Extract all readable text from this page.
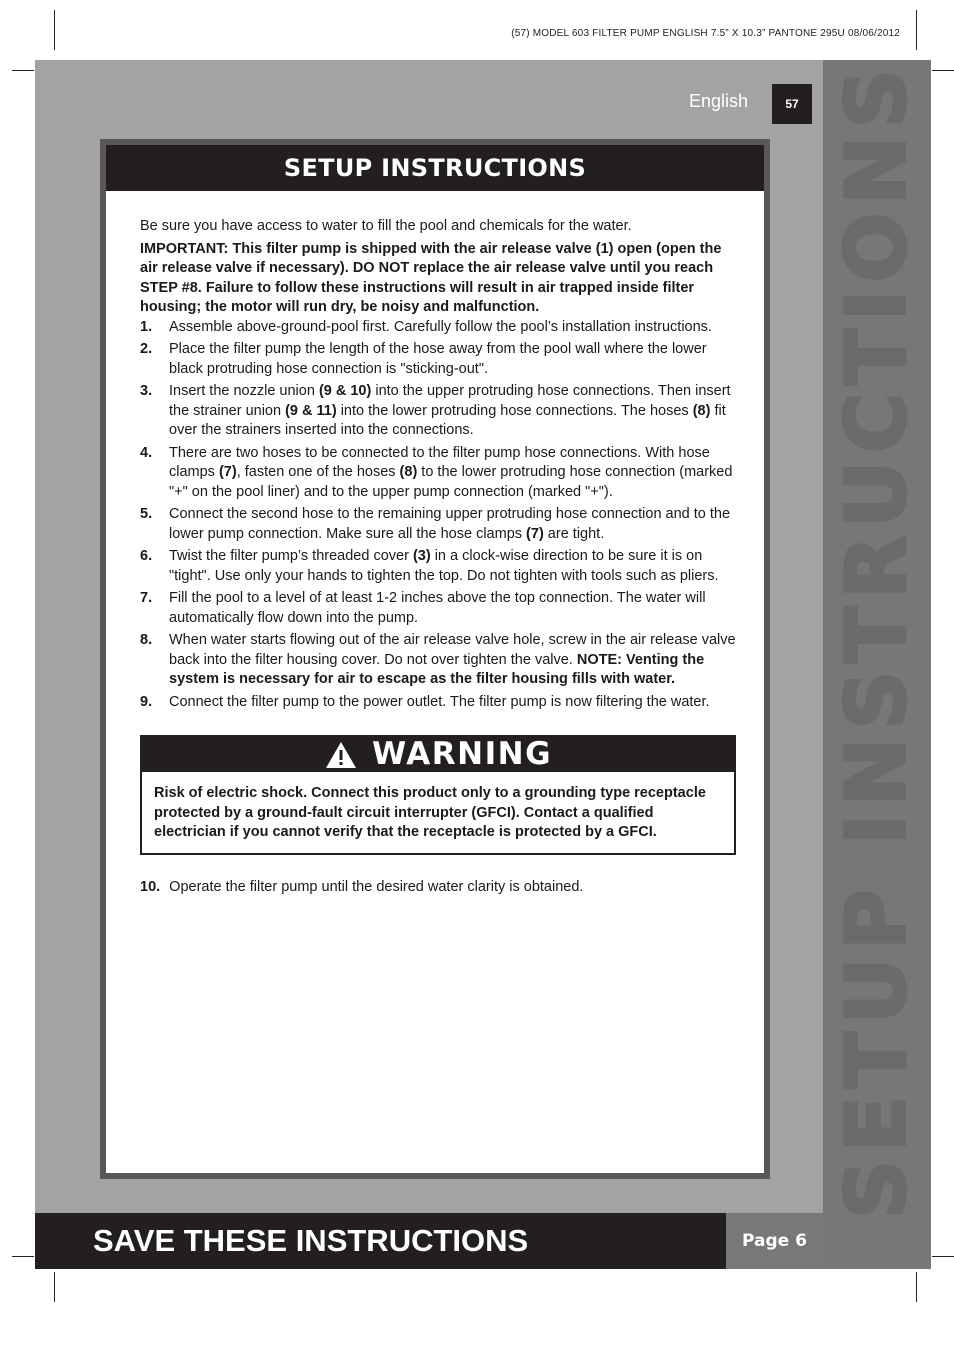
(57) MODEL 603 FILTER PUMP ENGLISH 7.5” X 10.3” PANTONE 295U 08/06/2012
SETUP INSTRUCTIONS
English	57
SETUP INSTRUCTIONS

Be sure you have access to water to fill the pool and chemicals for the water.

IMPORTANT: This filter pump is shipped with the air release valve (1) open (open the air release valve if necessary). DO NOT replace the air release valve until you reach STEP #8. Failure to follow these instructions will result in air trapped inside filter housing; the motor will run dry, be noisy and malfunction.

1. Assemble above-ground-pool first. Carefully follow the pool’s installation instructions.
2. Place the filter pump the length of the hose away from the pool wall where the lower black protruding hose connection is "sticking-out".
3. Insert the nozzle union (9 & 10) into the upper protruding hose connections. Then insert the strainer union (9 & 11) into the lower protruding hose connections. The hoses (8) fit over the strainers inserted into the connections.
4. There are two hoses to be connected to the filter pump hose connections. With hose clamps (7), fasten one of the hoses (8) to the lower protruding hose connection (marked "+" on the pool liner) and to the upper pump connection (marked "+").
5. Connect the second hose to the remaining upper protruding hose connection and to the lower pump connection. Make sure all the hose clamps (7) are tight.
6. Twist the filter pump’s threaded cover (3) in a clock-wise direction to be sure it is on "tight". Use only your hands to tighten the top. Do not tighten with tools such as pliers.
7. Fill the pool to a level of at least 1-2 inches above the top connection. The water will automatically flow down into the pump.
8. When water starts flowing out of the air release valve hole, screw in the air release valve back into the filter housing cover. Do not over tighten the valve. NOTE: Venting the system is necessary for air to escape as the filter housing fills with water.
9. Connect the filter pump to the power outlet. The filter pump is now filtering the water.
WARNING
Risk of electric shock. Connect this product only to a grounding type receptacle protected by a ground-fault circuit interrupter (GFCI). Contact a qualified electrician if you cannot verify that the receptacle is protected by a GFCI.

10. Operate the filter pump until the desired water clarity is obtained.

SAVE THESE INSTRUCTIONS	Page 6
